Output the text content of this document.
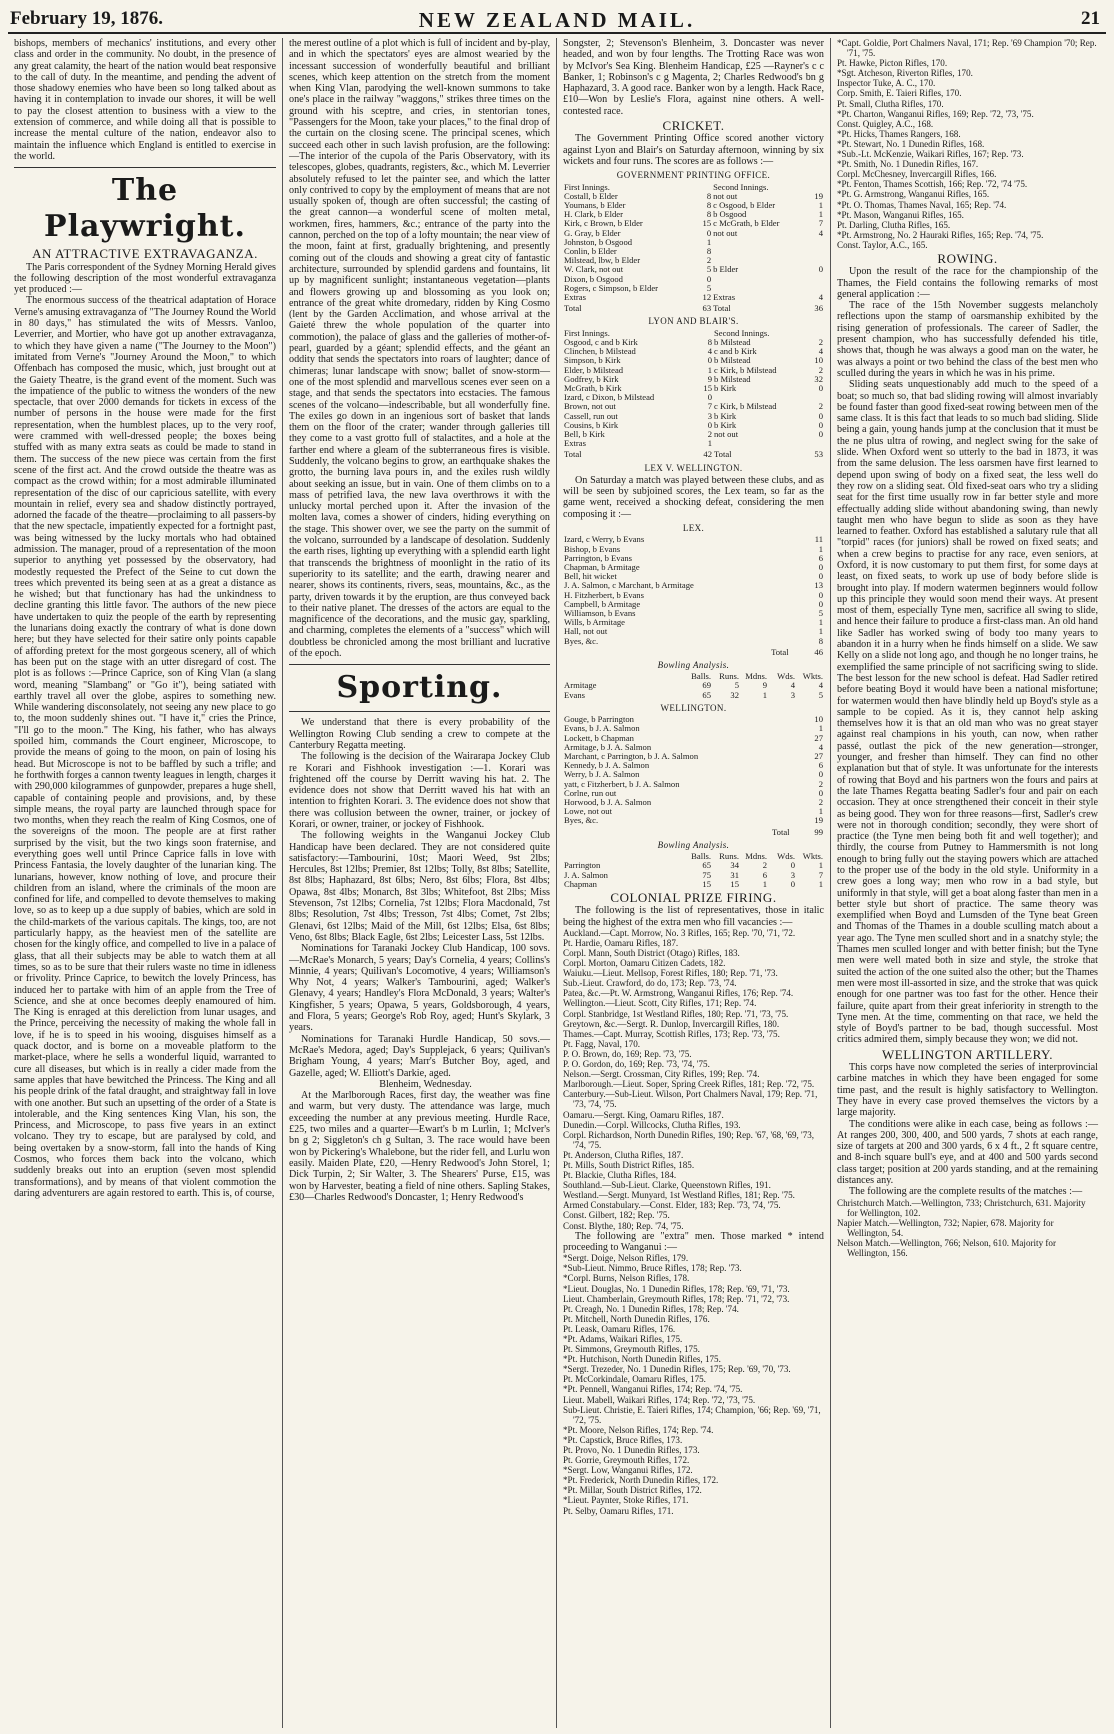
February 19, 1876.	NEW ZEALAND MAIL.	21

bishops, members of mechanics' institutions, and every other class and order in the community. No doubt, in the presence of any great calamity, the heart of the nation would beat responsive to the call of duty. In the meantime, and pending the advent of those shadowy enemies who have been so long talked about as having it in contemplation to invade our shores, it will be well to pay the closest attention to business with a view to the extension of commerce, and while doing all that is possible to increase the mental culture of the nation, endeavor also to maintain the influence which England is entitled to exercise in the world.

The Playwright.
AN ATTRACTIVE EXTRAVAGANZA.

The Paris correspondent of the Sydney Morning Herald gives the following description of the most wonderful extravaganza yet produced :—

The enormous success of the theatrical adaptation of Horace Verne's amusing extravaganza of "The Journey Round the World in 80 days," has stimulated the wits of Messrs. Vanloo, Leverrier, and Mortier, who have got up another extravaganza, to which they have given a name ("The Journey to the Moon") imitated from Verne's "Journey Around the Moon," to which Offenbach has composed the music, which, just brought out at the Gaiety Theatre, is the grand event of the moment. Such was the impatience of the public to witness the wonders of the new spectacle, that over 2000 demands for tickets in excess of the number of persons in the house were made for the first representation, when the humblest places, up to the very roof, were crammed with well-dressed people; the boxes being stuffed with as many extra seats as could be made to stand in them. The success of the new piece was certain from the first scene of the first act. And the crowd outside the theatre was as compact as the crowd within; for a most admirable illuminated representation of the disc of our capricious satellite, with every mountain in relief, every sea and shadow distinctly portrayed, adorned the facade of the theatre—proclaiming to all passers-by that the new spectacle, impatiently expected for a fortnight past, was being witnessed by the lucky mortals who had obtained admission. The manager, proud of a representation of the moon superior to anything yet possessed by the observatory, had modestly requested the Prefect of the Seine to cut down the trees which prevented its being seen at as a great a distance as he wished; but that functionary has had the unkindness to decline granting this little favor. The authors of the new piece have undertaken to quiz the people of the earth by representing the lunarians doing exactly the contrary of what is done down here; but they have selected for their satire only points capable of affording pretext for the most gorgeous scenery, all of which has been put on the stage with an utter disregard of cost. The plot is as follows :—Prince Caprice, son of King Vlan (a slang word, meaning "Slambang" or "Go it"), being satiated with earthly travel all over the globe, aspires to something new. While wandering disconsolately, not seeing any new place to go to, the moon suddenly shines out. "I have it," cries the Prince, "I'll go to the moon." The King, his father, who has always spoiled him, commands the Court engineer, Microscope, to provide the means of going to the moon, on pain of losing his head. But Microscope is not to be baffled by such a trifle; and he forthwith forges a cannon twenty leagues in length, charges it with 290,000 kilogrammes of gunpowder, prepares a huge shell, capable of containing people and provisions, and, by these simple means, the royal party are launched through space for two months, when they reach the realm of King Cosmos, one of the sovereigns of the moon. The people are at first rather surprised by the visit, but the two kings soon fraternise, and everything goes well until Prince Caprice falls in love with Princess Fantasia, the lovely daughter of the lunarian king. The lunarians, however, know nothing of love, and procure their children from an island, where the criminals of the moon are confined for life, and compelled to devote themselves to making love, so as to keep up a due supply of babies, which are sold in the child-markets of the various capitals. The kings, too, are not particularly happy, as the heaviest men of the satellite are chosen for the kingly office, and compelled to live in a palace of glass, that all their subjects may be able to watch them at all times, so as to be sure that their rulers waste no time in idleness or frivolity. Prince Caprice, to bewitch the lovely Princess, has induced her to partake with him of an apple from the Tree of Science, and she at once becomes deeply enamoured of him. The King is enraged at this dereliction from lunar usages, and the Prince, perceiving the necessity of making the whole fall in love, if he is to speed in his wooing, disguises himself as a quack doctor, and is borne on a moveable platform to the market-place, where he sells a wonderful liquid, warranted to cure all diseases, but which is in really a cider made from the same apples that have bewitched the Princess. The King and all his people drink of the fatal draught, and straightway fall in love with one another. But such an upsetting of the order of a State is intolerable, and the King sentences King Vlan, his son, the Princess, and Microscope, to pass five years in an extinct volcano. They try to escape, but are paralysed by cold, and being overtaken by a snow-storm, fall into the hands of King Cosmos, who forces them back into the volcano, which suddenly breaks out into an eruption (seven most splendid transformations), and by means of that violent commotion the daring adventurers are again restored to earth. This is, of course,

the merest outline of a plot which is full of incident and by-play, and in which the spectators' eyes are almost wearied by the incessant succession of wonderfully beautiful and brilliant scenes, which keep attention on the stretch from the moment when King Vlan, parodying the well-known summons to take one's place in the railway "waggons," strikes three times on the ground with his sceptre, and cries, in stentorian tones, "Passengers for the Moon, take your places," to the final drop of the curtain on the closing scene. The principal scenes, which succeed each other in such lavish profusion, are the following:—The interior of the cupola of the Paris Observatory, with its telescopes, globes, quadrants, registers, &c., which M. Leverrier absolutely refused to let the painter see, and which the latter only contrived to copy by the employment of means that are not usually spoken of, though are often successful; the casting of the great cannon—a wonderful scene of molten metal, workmen, fires, hammers, &c.; entrance of the party into the cannon, perched on the top of a lofty mountain; the near view of the moon, faint at first, gradually brightening, and presently coming out of the clouds and showing a great city of fantastic architecture, surrounded by splendid gardens and fountains, lit up by magnificent sunlight; instantaneous vegetation—plants and flowers growing up and blossoming as you look on; entrance of the great white dromedary, ridden by King Cosmo (lent by the Garden Acclimation, and whose arrival at the Gaieté threw the whole population of the quarter into commotion), the palace of glass and the galleries of mother-of-pearl, guarded by a géant; splendid effects, and the géant an oddity that sends the spectators into roars of laughter; dance of chimeras; lunar landscape with snow; ballet of snow-storm—one of the most splendid and marvellous scenes ever seen on a stage, and that sends the spectators into ecstacies. The famous scenes of the volcano—indescribable, but all wonderfully fine. The exiles go down in an ingenious sort of basket that lands them on the floor of the crater; wander through galleries till they come to a vast grotto full of stalactites, and a hole at the farther end where a gleam of the subterraneous fires is visible. Suddenly, the volcano begins to grow, an earthquake shakes the grotto, the burning lava pours in, and the exiles rush wildly about seeking an issue, but in vain. One of them climbs on to a mass of petrified lava, the new lava overthrows it with the unlucky mortal perched upon it. After the invasion of the molten lava, comes a shower of cinders, hiding everything on the stage. This shower over, we see the party on the summit of the volcano, surrounded by a landscape of desolation. Suddenly the earth rises, lighting up everything with a splendid earth light that transcends the brightness of moonlight in the ratio of its superiority to its satellite; and the earth, drawing nearer and nearer, shows its continents, rivers, seas, mountains, &c., as the party, driven towards it by the eruption, are thus conveyed back to their native planet. The dresses of the actors are equal to the magnificence of the decorations, and the music gay, sparkling, and charming, completes the elements of a "success" which will doubtless be chronicled among the most brilliant and lucrative of the epoch.

Sporting.

We understand that there is every probability of the Wellington Rowing Club sending a crew to compete at the Canterbury Regatta meeting.

The following is the decision of the Wairarapa Jockey Club re Korari and Fishhook investigation :—1. Korari was frightened off the course by Derritt waving his hat. 2. The evidence does not show that Derritt waved his hat with an intention to frighten Korari. 3. The evidence does not show that there was collusion between the owner, trainer, or jockey of Korari, or owner, trainer, or jockey of Fishhook.

The following weights in the Wanganui Jockey Club Handicap have been declared. They are not considered quite satisfactory:—Tambourini, 10st; Maori Weed, 9st 2lbs; Hercules, 8st 12lbs; Premier, 8st 12lbs; Tolly, 8st 8lbs; Satellite, 8st 8lbs; Haphazard, 8st 6lbs; Nero, 8st 6lbs; Flora, 8st 4lbs; Opawa, 8st 4lbs; Monarch, 8st 3lbs; Whitefoot, 8st 2lbs; Miss Stevenson, 7st 12lbs; Cornelia, 7st 12lbs; Flora Macdonald, 7st 8lbs; Resolution, 7st 4lbs; Tresson, 7st 4lbs; Comet, 7st 2lbs; Glenavi, 6st 12lbs; Maid of the Mill, 6st 12lbs; Elsa, 6st 8lbs; Veno, 6st 8lbs; Black Eagle, 6st 2lbs; Leicester Lass, 5st 12lbs.

Nominations for Taranaki Jockey Club Handicap, 100 sovs.—McRae's Monarch, 5 years; Day's Cornelia, 4 years; Collins's Minnie, 4 years; Quilivan's Locomotive, 4 years; Williamson's Why Not, 4 years; Walker's Tambourini, aged; Walker's Glenavy, 4 years; Handley's Flora McDonald, 3 years; Walter's Kingfisher, 5 years; Opawa, 5 years, Goldsborough, 4 years, and Flora, 5 years; George's Rob Roy, aged; Hunt's Skylark, 3 years.

Nominations for Taranaki Hurdle Handicap, 50 sovs.—McRae's Medora, aged; Day's Supplejack, 6 years; Quilivan's Brigham Young, 4 years; Marr's Butcher Boy, aged, and Gazelle, aged; W. Elliott's Darkie, aged.

Blenheim, Wednesday.

At the Marlborough Races, first day, the weather was fine and warm, but very dusty. The attendance was large, much exceeding the number at any previous meeting. Hurdle Race, £25, two miles and a quarter—Ewart's b m Lurlin, 1; McIver's bn g 2; Siggleton's ch g Sultan, 3. The race would have been won by Pickering's Whalebone, but the rider fell, and Lurlu won easily. Maiden Plate, £20, —Henry Redwood's John Storel, 1; Dick Turpin, 2; Sir Walter, 3. The Shearers' Purse, £15, was won by Harvester, beating a field of nine others. Sapling Stakes, £30—Charles Redwood's Doncaster, 1; Henry Redwood's

Songster, 2; Stevenson's Blenheim, 3. Doncaster was never headed, and won by four lengths. The Trotting Race was won by McIvor's Sea King. Blenheim Handicap, £25 —Rayner's c c Banker, 1; Robinson's c g Magenta, 2; Charles Redwood's bn g Haphazard, 3. A good race. Banker won by a length. Hack Race, £10—Won by Leslie's Flora, against nine others. A well-contested race.

CRICKET.

The Government Printing Office scored another victory against Lyon and Blair's on Saturday afternoon, winning by six wickets and four runs. The scores are as follows :—

GOVERNMENT PRINTING OFFICE.
First Innings.		Second Innings.	
Costall, b Elder	8	not out	19
Youmans, b Elder	8	c Osgood, b Elder	1
H. Clark, b Elder	8	b Osgood	1
Kirk, c Brown, b Elder	15	c McGrath, b Elder	7
G. Gray, b Elder	0	not out	4
Johnston, b Osgood	1		
Conlin, b Elder	8		
Milstead, lbw, b Elder	2		
W. Clark, not out	5	b Elder	0
Dixon, b Osgood	0		
Rogers, c Simpson, b Elder	5		
Extras	12	Extras	4
Total	63	Total	36
LYON AND BLAIR'S.
First Innings.		Second Innings.	
Osgood, c and b Kirk	8	b Milstead	2
Clinchen, b Milstead	4	c and b Kirk	4
Simpson, b Kirk	0	b Milstead	10
Elder, b Milstead	1	c Kirk, b Milstead	2
Godfrey, b Kirk	9	b Milstead	32
McGrath, b Kirk	15	b Kirk	0
Izard, c Dixon, b Milstead	0		
Brown, not out	7	c Kirk, b Milstead	2
Cassell, run out	3	b Kirk	0
Cousins, b Kirk	0	b Kirk	0
Bell, b Kirk	2	not out	0
Extras	1		
Total	42	Total	53
LEX V. WELLINGTON.

On Saturday a match was played between these clubs, and as will be seen by subjoined scores, the Lex team, so far as the game went, received a shocking defeat, considering the men composing it :—

LEX.
Izard, c Werry, b Evans	11
Bishop, b Evans	1
Parrington, b Evans	6
Chapman, b Armitage	0
Bell, hit wicket	0
J. A. Salmon, c Marchant, b Armitage	13
H. Fitzherbert, b Evans	0
Campbell, b Armitage	0
Williamson, b Evans	5
Wills, b Armitage	1
Hall, not out	1
Byes, &c.	8
Total	46
Bowling Analysis.
	Balls.	Runs.	Mdns.	Wds.	Wkts.
Armitage	69	5	9	4	4
Evans	65	32	1	3	5
WELLINGTON.
Gouge, b Parrington	10
Evans, b J. A. Salmon	1
Lockett, b Chapman	27
Armitage, b J. A. Salmon	4
Marchant, c Parrington, b J. A. Salmon	27
Kennedy, b J. A. Salmon	6
Werry, b J. A. Salmon	0
yatt, c Fitzherbert, b J. A. Salmon	2
Corlne, run out	0
Horwood, b J. A. Salmon	2
Lowe, not out	1
Byes, &c.	19
Total	99
Bowling Analysis.
	Balls.	Runs.	Mdns.	Wds.	Wkts.
Parrington	65	34	2	0	1
J. A. Salmon	75	31	6	3	7
Chapman	15	15	1	0	1
COLONIAL PRIZE FIRING.

The following is the list of representatives, those in italic being the highest of the extra men who fill vacancies :—

Auckland.—Capt. Morrow, No. 3 Rifles, 165; Rep. '70, '71, '72.
Pt. Hardie, Oamaru Rifles, 187.
Corpl. Mann, South District (Otago) Rifles, 183.
Corpl. Morton, Oamaru Citizen Cadets, 182.
Waiuku.—Lieut. Mellsop, Forest Rifles, 180; Rep. '71, '73.
Sub.-Lieut. Crawford, do do, 173; Rep. '73, '74.
Patea, &c.—Pt. W. Armstrong, Wanganui Rifles, 176; Rep. '74.
Wellington.—Lieut. Scott, City Rifles, 171; Rep. '74.
Corpl. Stanbridge, 1st Westland Rifles, 180; Rep. '71, '73, '75.
Greytown, &c.—Sergt. R. Dunlop, Invercargill Rifles, 180.
Thames.—Capt. Murray, Scottish Rifles, 173; Rep. '73, '75.
Pt. Fagg, Naval, 170.
P. O. Brown, do, 169; Rep. '73, '75.
P. O. Gordon, do, 169; Rep. '73, '74, '75.
Nelson.—Sergt. Crossman, City Rifles, 199; Rep. '74.
Marlborough.—Lieut. Soper, Spring Creek Rifles, 181; Rep. '72, '75.
Canterbury.—Sub-Lieut. Wilson, Port Chalmers Naval, 179; Rep. '71, '73, '74, '75.
Oamaru.—Sergt. King, Oamaru Rifles, 187.
Dunedin.—Corpl. Willcocks, Clutha Rifles, 193.
Corpl. Richardson, North Dunedin Rifles, 190; Rep. '67, '68, '69, '73, '74, '75.
Pt. Anderson, Clutha Rifles, 187.
Pt. Mills, South District Rifles, 185.
Pt. Blackie, Clutha Rifles, 184.
Southland.—Sub-Lieut. Clarke, Queenstown Rifles, 191.
Westland.—Sergt. Munyard, 1st Westland Rifles, 181; Rep. '75.
Armed Constabulary.—Const. Elder, 183; Rep. '73, '74, '75.
Const. Gilbert, 182; Rep. '75.
Const. Blythe, 180; Rep. '74, '75.

The following are "extra" men. Those marked * intend proceeding to Wanganui :—

*Sergt. Doige, Nelson Rifles, 179.
*Sub-Lieut. Nimmo, Bruce Rifles, 178; Rep. '73.
*Corpl. Burns, Nelson Rifles, 178.
*Lieut. Douglas, No. 1 Dunedin Rifles, 178; Rep. '69, '71, '73.
Lieut. Chamberlain, Greymouth Rifles, 178; Rep. '71, '72, '73.
Pt. Creagh, No. 1 Dunedin Rifles, 178; Rep. '74.
Pt. Mitchell, North Dunedin Rifles, 176.
Pt. Leask, Oamaru Rifles, 176.
*Pt. Adams, Waikari Rifles, 175.
Pt. Simmons, Greymouth Rifles, 175.
*Pt. Hutchison, North Dunedin Rifles, 175.
*Sergt. Trezeder, No. 1 Dunedin Rifles, 175; Rep. '69, '70, '73.
Pt. McCorkindale, Oamaru Rifles, 175.
*Pt. Pennell, Wanganui Rifles, 174; Rep. '74, '75.
Lieut. Mabell, Waikari Rifles, 174; Rep. '72, '73, '75.
Sub-Lieut. Christie, E. Taieri Rifles, 174; Champion, '66; Rep. '69, '71, '72, '75.
*Pt. Moore, Nelson Rifles, 174; Rep. '74.
*Pt. Capstick, Bruce Rifles, 173.
Pt. Provo, No. 1 Dunedin Rifles, 173.
Pt. Gorrie, Greymouth Rifles, 172.
*Sergt. Low, Wanganui Rifles, 172.
*Pt. Frederick, North Dunedin Rifles, 172.
*Pt. Millar, South District Rifles, 172.
*Lieut. Paynter, Stoke Rifles, 171.
Pt. Selby, Oamaru Rifles, 171.
*Capt. Goldie, Port Chalmers Naval, 171; Rep. '69 Champion '70; Rep. '71, '75.
Pt. Hawke, Picton Rifles, 170.
*Sgt. Atcheson, Riverton Rifles, 170.
Inspector Tuke, A. C., 170.
Corp. Smith, E. Taieri Rifles, 170.
Pt. Small, Clutha Rifles, 170.
*Pt. Charton, Wanganui Rifles, 169; Rep. '72, '73, '75.
Const. Quigley, A.C., 168.
*Pt. Hicks, Thames Rangers, 168.
*Pt. Stewart, No. 1 Dunedin Rifles, 168.
*Sub.-Lt. McKenzie, Waikari Rifles, 167; Rep. '73.
*Pt. Smith, No. 1 Dunedin Rifles, 167.
Corpl. McChesney, Invercargill Rifles, 166.
*Pt. Fenton, Thames Scottish, 166; Rep. '72, '74 '75.
*Pt. G. Armstrong, Wanganui Rifles, 165.
*Pt. O. Thomas, Thames Naval, 165; Rep. '74.
*Pt. Mason, Wanganui Rifles, 165.
Pt. Darling, Clutha Rifles, 165.
*Pt. Armstrong, No. 2 Hauraki Rifles, 165; Rep. '74, '75.
Const. Taylor, A.C., 165.
ROWING.

Upon the result of the race for the championship of the Thames, the Field contains the following remarks of most general application :—

The race of the 15th November suggests melancholy reflections upon the stamp of oarsmanship exhibited by the rising generation of professionals. The career of Sadler, the present champion, who has successfully defended his title, shows that, though he was always a good man on the water, he was always a point or two behind the class of the best men who sculled during the years in which he was in his prime.

Sliding seats unquestionably add much to the speed of a boat; so much so, that bad sliding rowing will almost invariably be found faster than good fixed-seat rowing between men of the same class. It is this fact that leads to so much bad sliding. Slide being a gain, young hands jump at the conclusion that it must be the ne plus ultra of rowing, and neglect swing for the sake of slide. When Oxford went so utterly to the bad in 1873, it was from the same delusion. The less oarsmen have first learned to depend upon swing of body on a fixed seat, the less well do they row on a sliding seat. Old fixed-seat oars who try a sliding seat for the first time usually row in far better style and more effectually adding slide without abandoning swing, than newly taught men who have begun to slide as soon as they have learned to feather. Oxford has established a salutary rule that all "torpid" races (for juniors) shall be rowed on fixed seats; and when a crew begins to practise for any race, even seniors, at Oxford, it is now customary to put them first, for some days at least, on fixed seats, to work up use of body before slide is brought into play. If modern watermen beginners would follow up this principle they would soon mend their ways. At present most of them, especially Tyne men, sacrifice all swing to slide, and hence their failure to produce a first-class man. An old hand like Sadler has worked swing of body too many years to abandon it in a hurry when he finds himself on a slide. We saw Kelly on a slide not long ago, and though he no longer trains, he exemplified the same principle of not sacrificing swing to slide. The best lesson for the new school is defeat. Had Sadler retired before beating Boyd it would have been a national misfortune; for watermen would then have blindly held up Boyd's style as a sample to be copied. As it is, they cannot help asking themselves how it is that an old man who was no great stayer against real champions in his youth, can now, when rather passé, outlast the pick of the new generation—stronger, younger, and fresher than himself. They can find no other explanation but that of style. It was unfortunate for the interests of rowing that Boyd and his partners won the fours and pairs at the late Thames Regatta beating Sadler's four and pair on each occasion. They at once strengthened their conceit in their style as being good. They won for three reasons—first, Sadler's crew were not in thorough condition; secondly, they were short of practice (the Tyne men being both fit and well together); and thirdly, the course from Putney to Hammersmith is not long enough to bring fully out the staying powers which are attached to the proper use of the body in the old style. Uniformity in a crew goes a long way; men who row in a bad style, but uniformly in that style, will get a boat along faster than men in a better style but short of practice. The same theory was exemplified when Boyd and Lumsden of the Tyne beat Green and Thomas of the Thames in a double sculling match about a year ago. The Tyne men sculled short and in a snatchy style; the Thames men sculled longer and with better finish; but the Tyne men were well mated both in size and style, the stroke that suited the action of the one suited also the other; but the Thames men were most ill-assorted in size, and the stroke that was quick enough for one partner was too fast for the other. Hence their failure, quite apart from their great inferiority in strength to the Tyne men. At the time, commenting on that race, we held the style of Boyd's partner to be bad, though successful. Most critics admired them, simply because they won; we did not.

WELLINGTON ARTILLERY.

This corps have now completed the series of interprovincial carbine matches in which they have been engaged for some time past, and the result is highly satisfactory to Wellington. They have in every case proved themselves the victors by a large majority.

The conditions were alike in each case, being as follows :—At ranges 200, 300, 400, and 500 yards, 7 shots at each range, size of targets at 200 and 300 yards, 6 x 4 ft., 2 ft square centre, and 8-inch square bull's eye, and at 400 and 500 yards second class target; position at 200 yards standing, and at the remaining distances any.

The following are the complete results of the matches :—

Christchurch Match.—Wellington, 733; Christchurch, 631. Majority for Wellington, 102.
Napier Match.—Wellington, 732; Napier, 678. Majority for Wellington, 54.
Nelson Match.—Wellington, 766; Nelson, 610. Majority for Wellington, 156.
